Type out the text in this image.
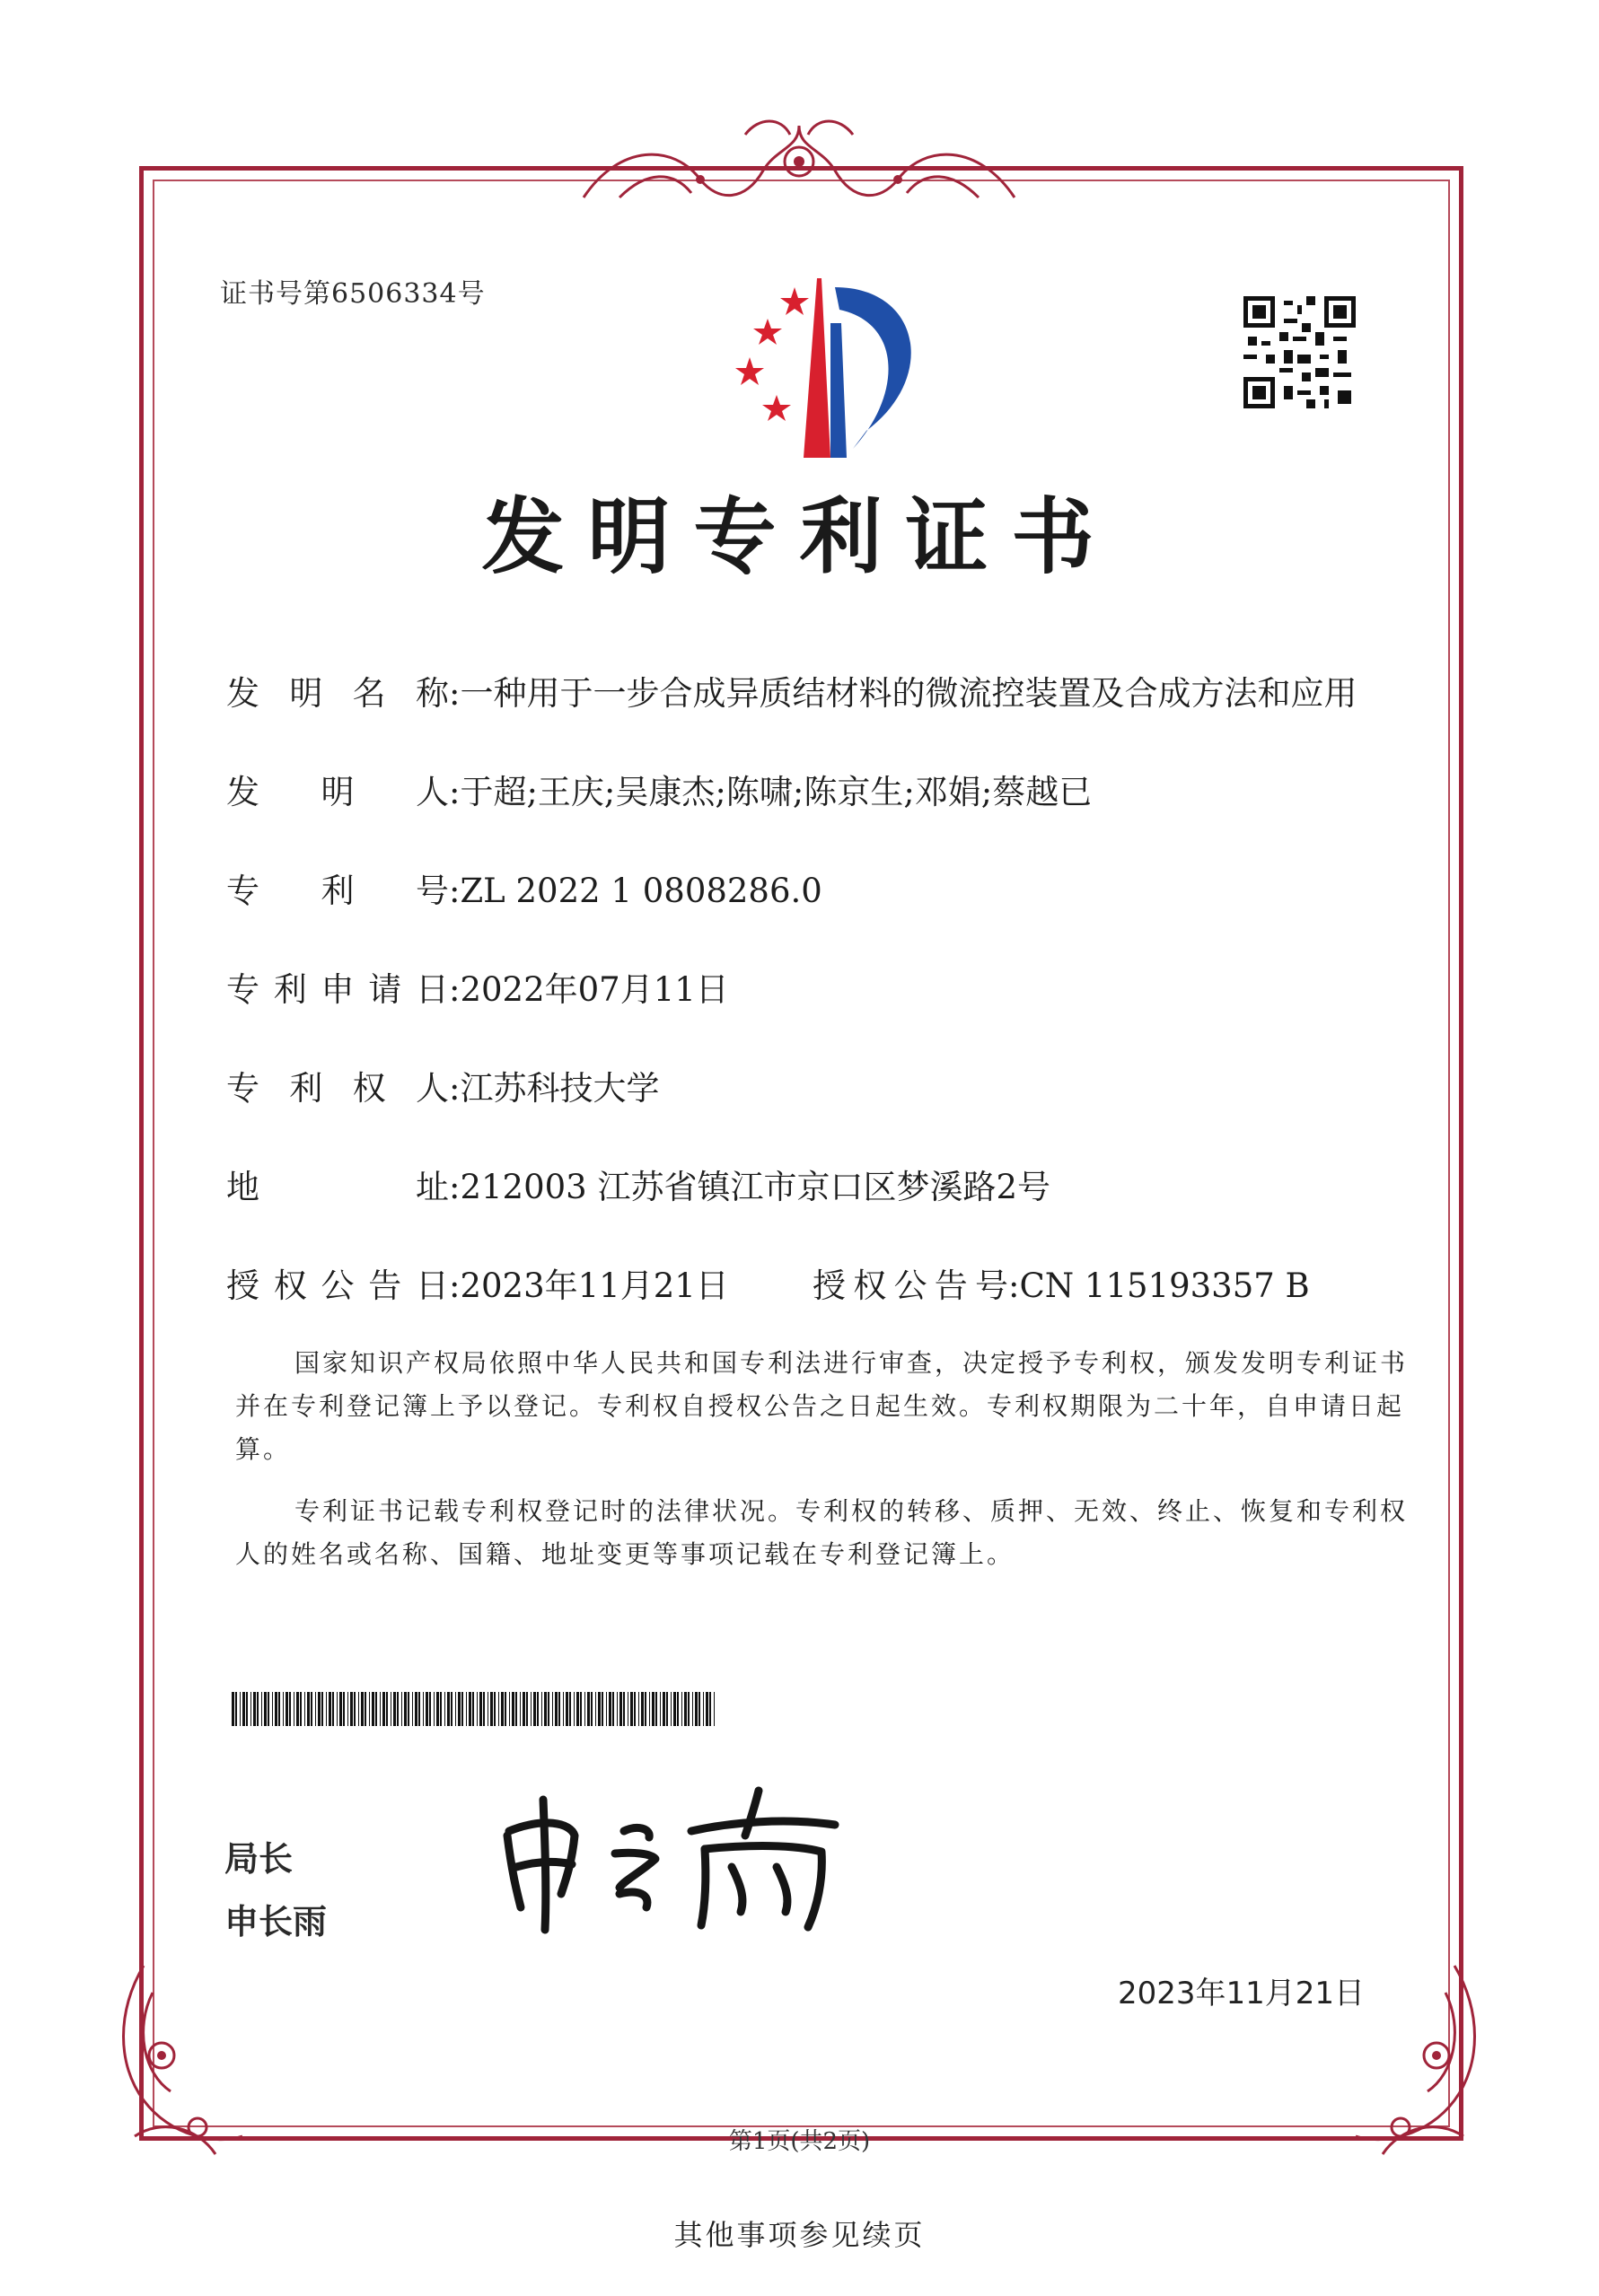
证书号第6506334号
发明专利证书
发明名称:一种用于一步合成异质结材料的微流控装置及合成方法和应用
发明人:于超;王庆;吴康杰;陈啸;陈京生;邓娟;蔡越已
专利号:ZL 2022 1 0808286.0
专利申请日:2022年07月11日
专利权人:江苏科技大学
地址:212003 江苏省镇江市京口区梦溪路2号
授权公告日:2023年11月21日	授权公告号:CN 115193357 B
国家知识产权局依照中华人民共和国专利法进行审查，决定授予专利权，颁发发明专利证书并在专利登记簿上予以登记。专利权自授权公告之日起生效。专利权期限为二十年，自申请日起算。
专利证书记载专利权登记时的法律状况。专利权的转移、质押、无效、终止、恢复和专利权人的姓名或名称、国籍、地址变更等事项记载在专利登记簿上。
局长
申长雨
2023年11月21日
第1页(共2页)
其他事项参见续页
